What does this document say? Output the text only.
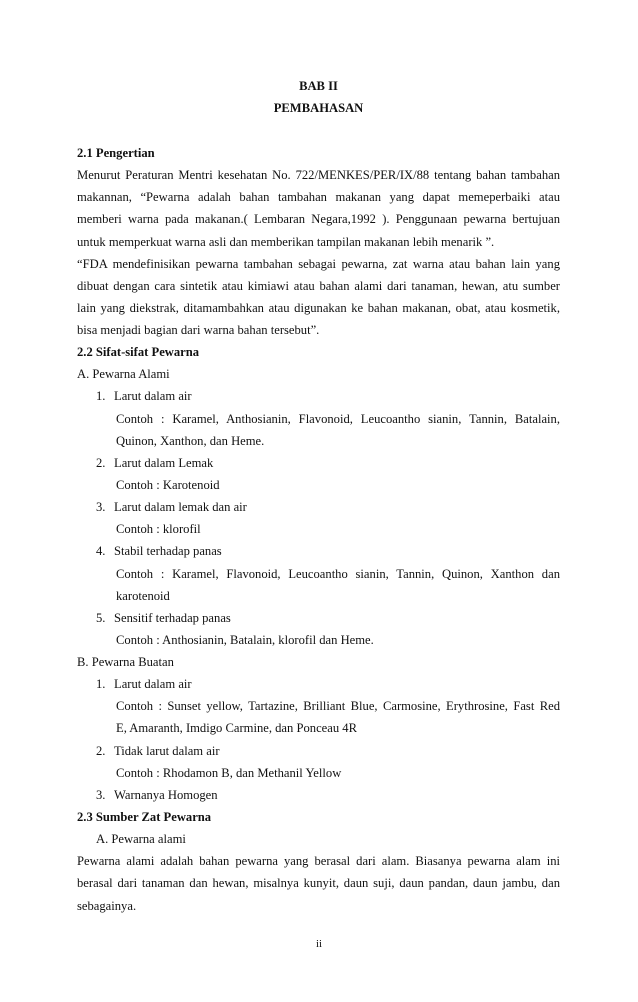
BAB II
PEMBAHASAN
2.1 Pengertian
Menurut Peraturan Mentri kesehatan No. 722/MENKES/PER/IX/88 tentang bahan tambahan
makannan, “Pewarna adalah bahan tambahan makanan yang dapat memeperbaiki atau
memberi warna pada makanan.( Lembaran Negara,1992 ). Penggunaan pewarna bertujuan
untuk memperkuat warna asli dan memberikan tampilan makanan lebih menarik ”.
“FDA mendefinisikan pewarna tambahan sebagai pewarna, zat warna atau bahan lain yang
dibuat dengan cara sintetik atau kimiawi atau bahan alami dari tanaman, hewan, atu sumber
lain yang diekstrak, ditamambahkan atau digunakan ke bahan makanan, obat, atau kosmetik,
bisa menjadi bagian dari warna bahan tersebut”.
2.2 Sifat-sifat Pewarna
A. Pewarna Alami
1. Larut dalam air
Contoh : Karamel, Anthosianin, Flavonoid, Leucoantho sianin, Tannin, Batalain,
Quinon, Xanthon, dan Heme.
2. Larut dalam Lemak
Contoh : Karotenoid
3. Larut dalam lemak dan air
Contoh : klorofil
4. Stabil terhadap panas
Contoh : Karamel, Flavonoid, Leucoantho sianin, Tannin, Quinon, Xanthon dan
karotenoid
5. Sensitif terhadap panas
Contoh : Anthosianin, Batalain, klorofil dan Heme.
B. Pewarna Buatan
1. Larut dalam air
Contoh : Sunset yellow, Tartazine, Brilliant Blue, Carmosine, Erythrosine, Fast Red
E, Amaranth, Imdigo Carmine, dan Ponceau 4R
2. Tidak larut dalam air
Contoh : Rhodamon B, dan Methanil Yellow
3. Warnanya Homogen
2.3 Sumber Zat Pewarna
A. Pewarna alami
Pewarna alami adalah bahan pewarna yang berasal dari alam. Biasanya pewarna alam ini
berasal dari tanaman dan hewan, misalnya kunyit, daun suji, daun pandan, daun jambu, dan
sebagainya.
ii
